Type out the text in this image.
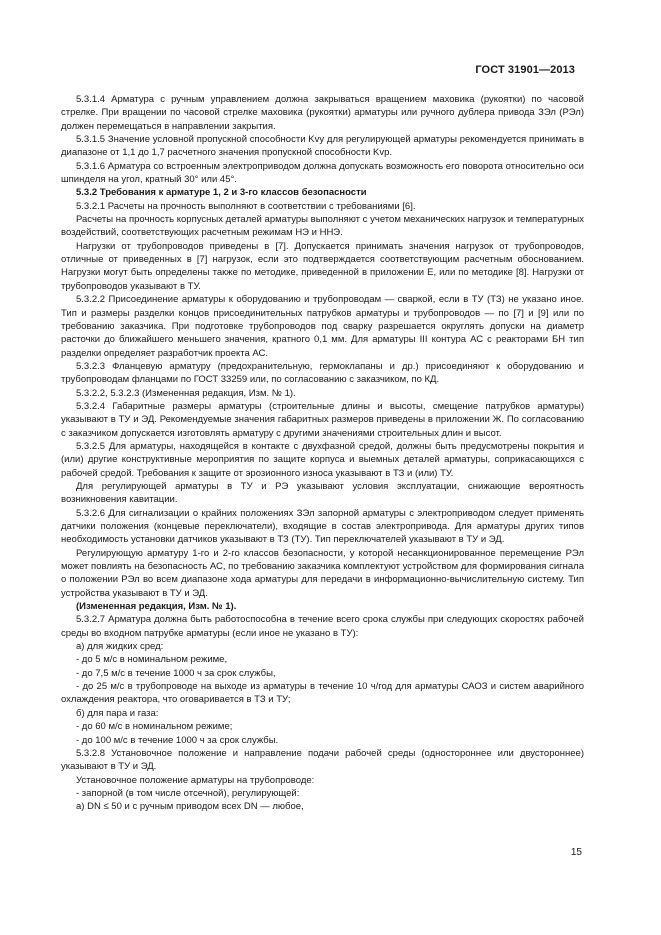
ГОСТ 31901—2013

5.3.1.4 Арматура с ручным управлением должна закрываться вращением маховика (рукоятки) по часовой стрелке. При вращении по часовой стрелке маховика (рукоятки) арматуры или ручного дублера привода ЗЭл (РЭл) должен перемещаться в направлении закрытия.

5.3.1.5 Значение условной пропускной способности Kvy для регулирующей арматуры рекомендуется принимать в диапазоне от 1,1 до 1,7 расчетного значения пропускной способности Kvp.

5.3.1.6 Арматура со встроенным электроприводом должна допускать возможность его поворота относительно оси шпинделя на угол, кратный 30° или 45°.

5.3.2 Требования к арматуре 1, 2 и 3-го классов безопасности

5.3.2.1 Расчеты на прочность выполняют в соответствии с требованиями [6].

Расчеты на прочность корпусных деталей арматуры выполняют с учетом механических нагрузок и температурных воздействий, соответствующих расчетным режимам НЭ и ННЭ.

Нагрузки от трубопроводов приведены в [7]. Допускается принимать значения нагрузок от трубопроводов, отличные от приведенных в [7] нагрузок, если это подтверждается соответствующим расчетным обоснованием. Нагрузки могут быть определены также по методике, приведенной в приложении Е, или по методике [8]. Нагрузки от трубопроводов указывают в ТУ.

5.3.2.2 Присоединение арматуры к оборудованию и трубопроводам — сваркой, если в ТУ (ТЗ) не указано иное. Тип и размеры разделки концов присоединительных патрубков арматуры и трубопроводов — по [7] и [9] или по требованию заказчика. При подготовке трубопроводов под сварку разрешается округлять допуски на диаметр расточки до ближайшего меньшего значения, кратного 0,1 мм. Для арматуры III контура АС с реакторами БН тип разделки определяет разработчик проекта АС.

5.3.2.3 Фланцевую арматуру (предохранительную, гермоклапаны и др.) присоединяют к оборудованию и трубопроводам фланцами по ГОСТ 33259 или, по согласованию с заказчиком, по КД.

5.3.2.2, 5.3.2.3 (Измененная редакция, Изм. № 1).

5.3.2.4 Габаритные размеры арматуры (строительные длины и высоты, смещение патрубков арматуры) указывают в ТУ и ЭД. Рекомендуемые значения габаритных размеров приведены в приложении Ж. По согласованию с заказчиком допускается изготовлять арматуру с другими значениями строительных длин и высот.

5.3.2.5 Для арматуры, находящейся в контакте с двухфазной средой, должны быть предусмотрены покрытия и (или) другие конструктивные мероприятия по защите корпуса и выемных деталей арматуры, соприкасающихся с рабочей средой. Требования к защите от эрозионного износа указывают в ТЗ и (или) ТУ.

Для регулирующей арматуры в ТУ и РЭ указывают условия эксплуатации, снижающие вероятность возникновения кавитации.

5.3.2.6 Для сигнализации о крайних положениях ЗЭл запорной арматуры с электроприводом следует применять датчики положения (концевые переключатели), входящие в состав электропривода. Для арматуры других типов необходимость установки датчиков указывают в ТЗ (ТУ). Тип переключателей указывают в ТУ и ЭД.

Регулирующую арматуру 1-го и 2-го классов безопасности, у которой несанкционированное перемещение РЭл может повлиять на безопасность АС, по требованию заказчика комплектуют устройством для формирования сигнала о положении РЭл во всем диапазоне хода арматуры для передачи в информационно-вычислительную систему. Тип устройства указывают в ТУ и ЭД.

(Измененная редакция, Изм. № 1).

5.3.2.7 Арматура должна быть работоспособна в течение всего срока службы при следующих скоростях рабочей среды во входном патрубке арматуры (если иное не указано в ТУ):

а) для жидких сред:

- до 5 м/с в номинальном режиме,

- до 7,5 м/с в течение 1000 ч за срок службы,

- до 25 м/с в трубопроводе на выходе из арматуры в течение 10 ч/год для арматуры САОЗ и систем аварийного охлаждения реактора, что оговаривается в ТЗ и ТУ;

б) для пара и газа:

- до 60 м/с в номинальном режиме;

- до 100 м/с в течение 1000 ч за срок службы.

5.3.2.8 Установочное положение и направление подачи рабочей среды (одностороннее или двустороннее) указывают в ТУ и ЭД.

Установочное положение арматуры на трубопроводе:

- запорной (в том числе отсечной), регулирующей:

а) DN ≤ 50 и с ручным приводом всех DN — любое,

15
